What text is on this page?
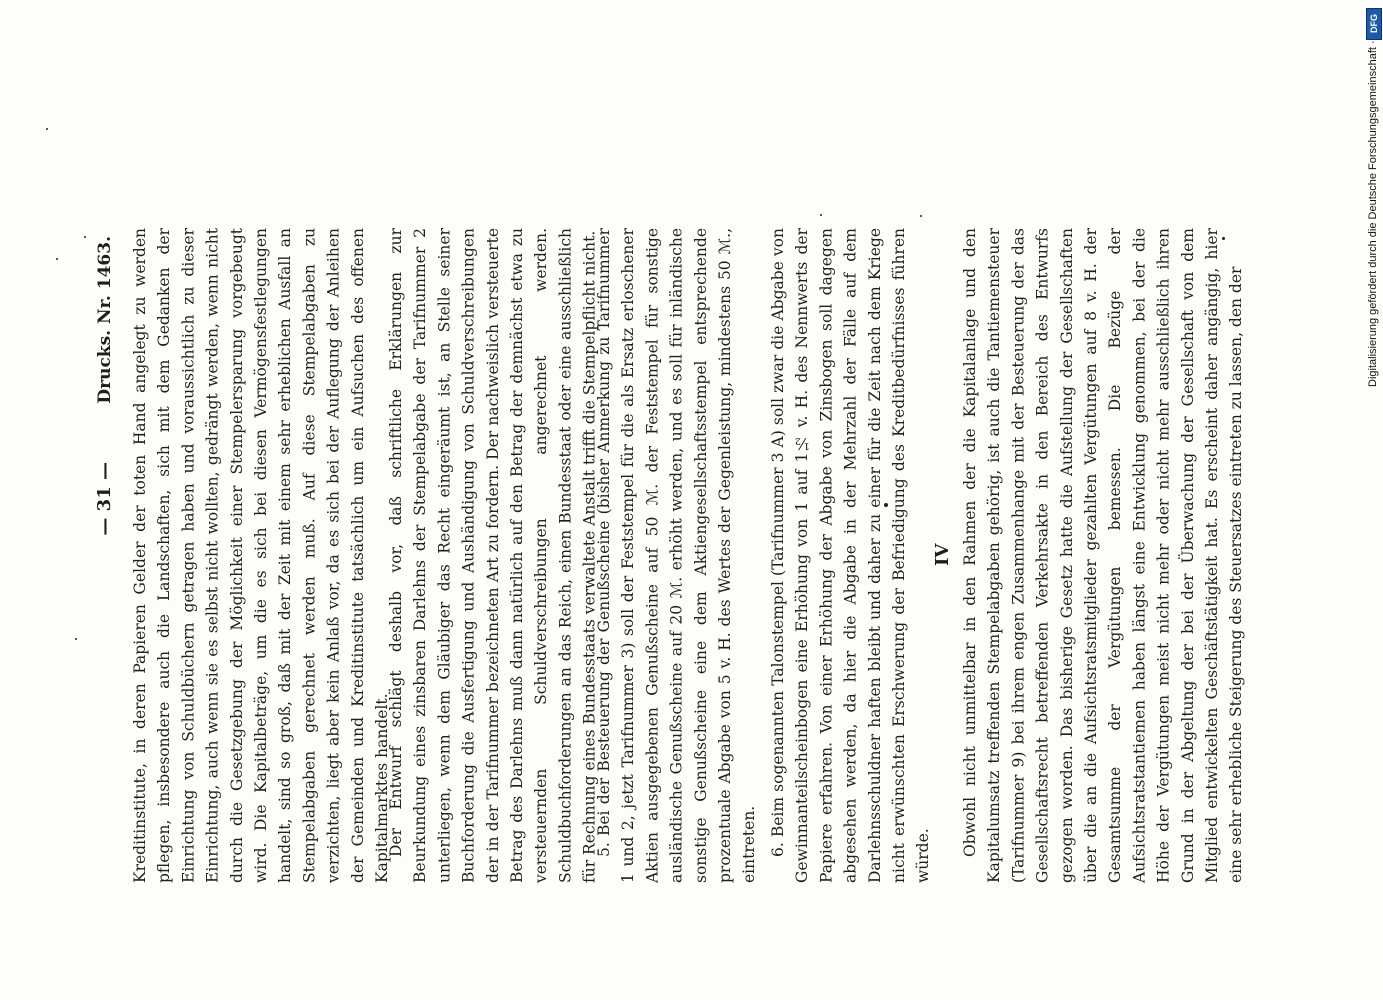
— 31 —
Drucks. Nr. 1463.	Kreditinstitute, in deren Papieren Gelder der toten Hand angelegt zu werden pflegen, insbesondere auch die Landschaften, sich mit dem Gedanken der Einrichtung von Schuldbüchern getragen haben und voraussichtlich zu dieser Einrichtung, auch wenn sie es selbst nicht wollten, gedrängt werden, wenn nicht durch die Gesetzgebung der Möglichkeit einer Stempelersparung vorgebeugt wird. Die Kapitalbeträge, um die es sich bei diesen Vermögensfestlegungen handelt, sind so groß, daß mit der Zeit mit einem sehr erheblichen Ausfall an Stempelabgaben gerechnet werden muß. Auf diese Stempelabgaben zu verzichten, liegt aber kein Anlaß vor, da es sich bei der Auflegung der Anleihen der Gemeinden und Kreditinstitute tatsächlich um ein Aufsuchen des offenen Kapitalmarktes handelt.
Der Entwurf schlägt deshalb vor, daß schriftliche Erklärungen zur Beurkundung eines zinsbaren Darlehns der Stempelabgabe der Tarifnummer 2 unterliegen, wenn dem Gläubiger das Recht eingeräumt ist, an Stelle seiner Buchforderung die Ausfertigung und Aushändigung von Schuldverschreibungen der in der Tarifnummer bezeichneten Art zu fordern. Der nachweislich versteuerte Betrag des Darlehns muß dann natürlich auf den Betrag der demnächst etwa zu versteuernden Schuldverschreibungen angerechnet werden. Schuldbuchforderungen an das Reich, einen Bundesstaat oder eine ausschließlich für Rechnung eines Bundesstaats verwaltete Anstalt trifft die Stempelpflicht nicht.
5. Bei der Besteuerung der Genußscheine (bisher Anmerkung zu Tarifnummer 1 und 2, jetzt Tarifnummer 3) soll der Feststempel für die als Ersatz erloschener Aktien ausgegebenen Genußscheine auf 50 ℳ. der Feststempel für sonstige ausländische Genußscheine auf 20 ℳ. erhöht werden, und es soll für inländische sonstige Genußscheine eine dem Aktiengesellschaftsstempel entsprechende prozentuale Abgabe von 5 v. H. des Wertes der Gegenleistung, mindestens 50 ℳ., eintreten. 6. Beim sogenannten Talonstempel (Tarifnummer 3 A) soll zwar die Abgabe von Gewinnanteilscheinbogen eine Erhöhung von 1 auf 1½ v. H. des Nennwerts der Papiere erfahren. Von einer Erhöhung der Abgabe von Zinsbogen soll dagegen abgesehen werden, da hier die Abgabe in der Mehrzahl der Fälle auf dem Darlehnsschuldner haften bleibt und daher zu einer für die Zeit nach dem Kriege nicht erwünschten Erschwerung der Befriedigung des Kreditbedürfnisses führen würde.
IV Obwohl nicht unmittelbar in den Rahmen der die Kapitalanlage und den Kapitalumsatz treffenden Stempelabgaben gehörig, ist auch die Tantiemensteuer (Tarifnummer 9) bei ihrem engen Zusammenhange mit der Besteuerung der das Gesellschaftsrecht betreffenden Verkehrsakte in den Bereich des Entwurfs gezogen worden. Das bisherige Gesetz hatte die Aufstellung der Gesellschaften über die an die Aufsichtsratsmitglieder gezahlten Vergütungen auf 8 v. H. der Gesamtsumme der Vergütungen bemessen. Die Bezüge der Aufsichtsratstantiemen haben längst eine Entwicklung genommen, bei der die Höhe der Vergütungen meist nicht mehr oder nicht mehr ausschließlich ihren Grund in der Abgeltung der bei der Überwachung der Gesellschaft von dem Mitglied entwickelten Geschäftstätigkeit hat. Es erscheint daher angängig, hier eine sehr erhebliche Steigerung des Steuersatzes eintreten zu lassen, den der
DFG
Digitalisierung gefördert durch die Deutsche Forschungsgemeinschaft ·
